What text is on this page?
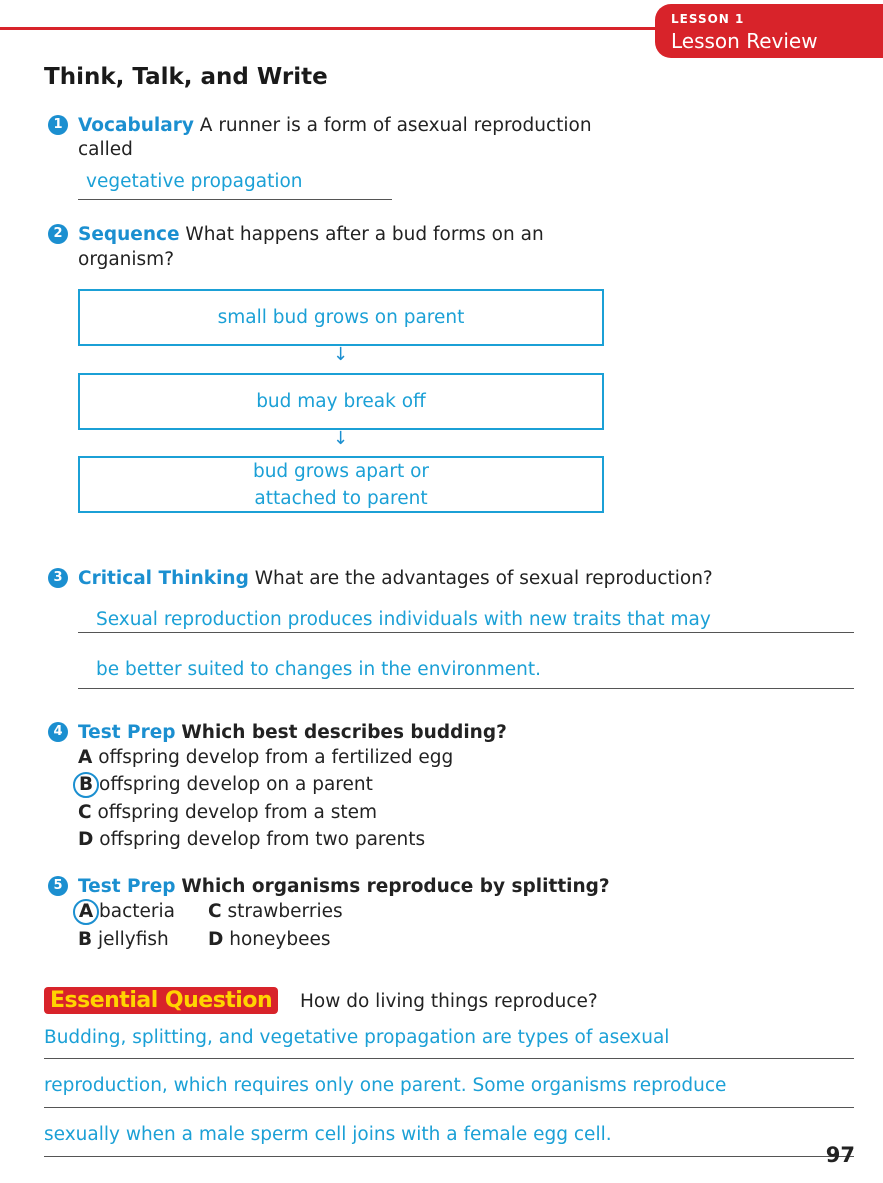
LESSON 1
Lesson Review
Think, Talk, and Write
1 Vocabulary A runner is a form of asexual reproduction
called
vegetative propagation
2 Sequence What happens after a bud forms on an
organism?
small bud grows on parent
↓
bud may break off
↓
bud grows apart or
attached to parent
3 Critical Thinking What are the advantages of sexual reproduction?
Sexual reproduction produces individuals with new traits that may
be better suited to changes in the environment.
4 Test Prep Which best describes budding?
A offspring develop from a fertilized egg
B offspring develop on a parent
C offspring develop from a stem
D offspring develop from two parents
5 Test Prep Which organisms reproduce by splitting?
A bacteria C strawberries
B jellyfish D honeybees
Essential Question	How do living things reproduce?
Budding, splitting, and vegetative propagation are types of asexual
reproduction, which requires only one parent. Some organisms reproduce
sexually when a male sperm cell joins with a female egg cell.
97
